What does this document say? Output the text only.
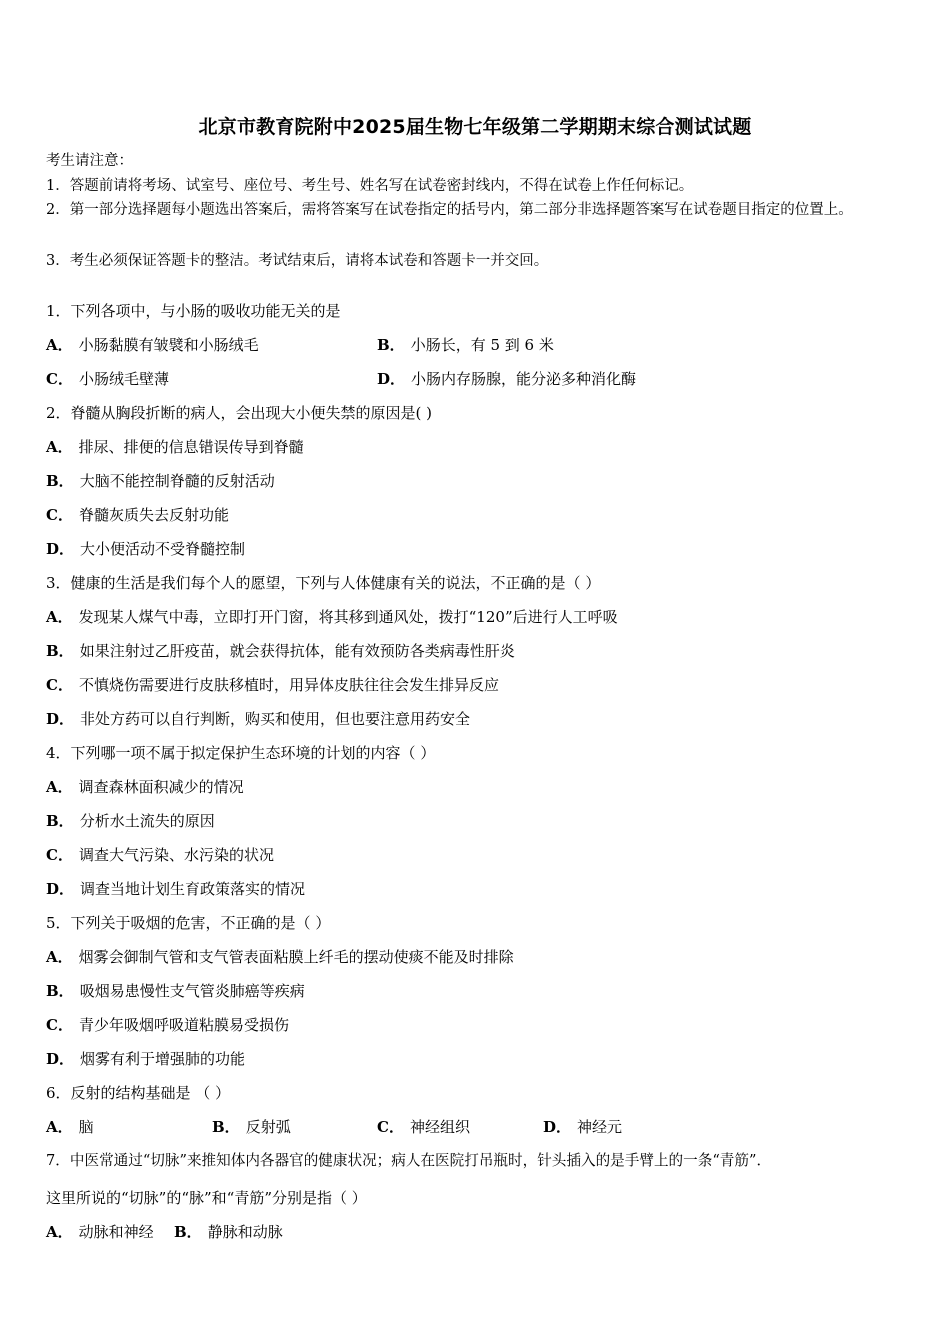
北京市教育院附中2025届生物七年级第二学期期末综合测试试题
考生请注意：
1．答题前请将考场、试室号、座位号、考生号、姓名写在试卷密封线内，不得在试卷上作任何标记。
2．第一部分选择题每小题选出答案后，需将答案写在试卷指定的括号内，第二部分非选择题答案写在试卷题目指定的位置上。
3．考生必须保证答题卡的整洁。考试结束后，请将本试卷和答题卡一并交回。
1．下列各项中，与小肠的吸收功能无关的是
A． 小肠黏膜有皱襞和小肠绒毛	B． 小肠长，有 5 到 6 米
C． 小肠绒毛壁薄	D． 小肠内存肠腺，能分泌多种消化酶
2．脊髓从胸段折断的病人，会出现大小便失禁的原因是( )
A． 排尿、排便的信息错误传导到脊髓
B． 大脑不能控制脊髓的反射活动
C． 脊髓灰质失去反射功能
D． 大小便活动不受脊髓控制
3．健康的生活是我们每个人的愿望，下列与人体健康有关的说法，不正确的是（ ）
A． 发现某人煤气中毒，立即打开门窗，将其移到通风处，拨打“120”后进行人工呼吸
B． 如果注射过乙肝疫苗，就会获得抗体，能有效预防各类病毒性肝炎
C． 不慎烧伤需要进行皮肤移植时，用异体皮肤往往会发生排异反应
D． 非处方药可以自行判断，购买和使用，但也要注意用药安全
4．下列哪一项不属于拟定保护生态环境的计划的内容（ ）
A． 调查森林面积减少的情况
B． 分析水土流失的原因
C． 调查大气污染、水污染的状况
D． 调查当地计划生育政策落实的情况
5．下列关于吸烟的危害，不正确的是（ ）
A． 烟雾会御制气管和支气管表面粘膜上纤毛的摆动使痰不能及时排除
B． 吸烟易患慢性支气管炎肺癌等疾病
C． 青少年吸烟呼吸道粘膜易受损伤
D． 烟雾有利于增强肺的功能
6．反射的结构基础是 （ ）
A． 脑	B． 反射弧	C． 神经组织	D． 神经元
7．中医常通过“切脉”来推知体内各器官的健康状况；病人在医院打吊瓶时，针头插入的是手臂上的一条“青筋”．
这里所说的“切脉”的“脉”和“青筋”分别是指（ ）
A． 动脉和神经 B． 静脉和动脉
